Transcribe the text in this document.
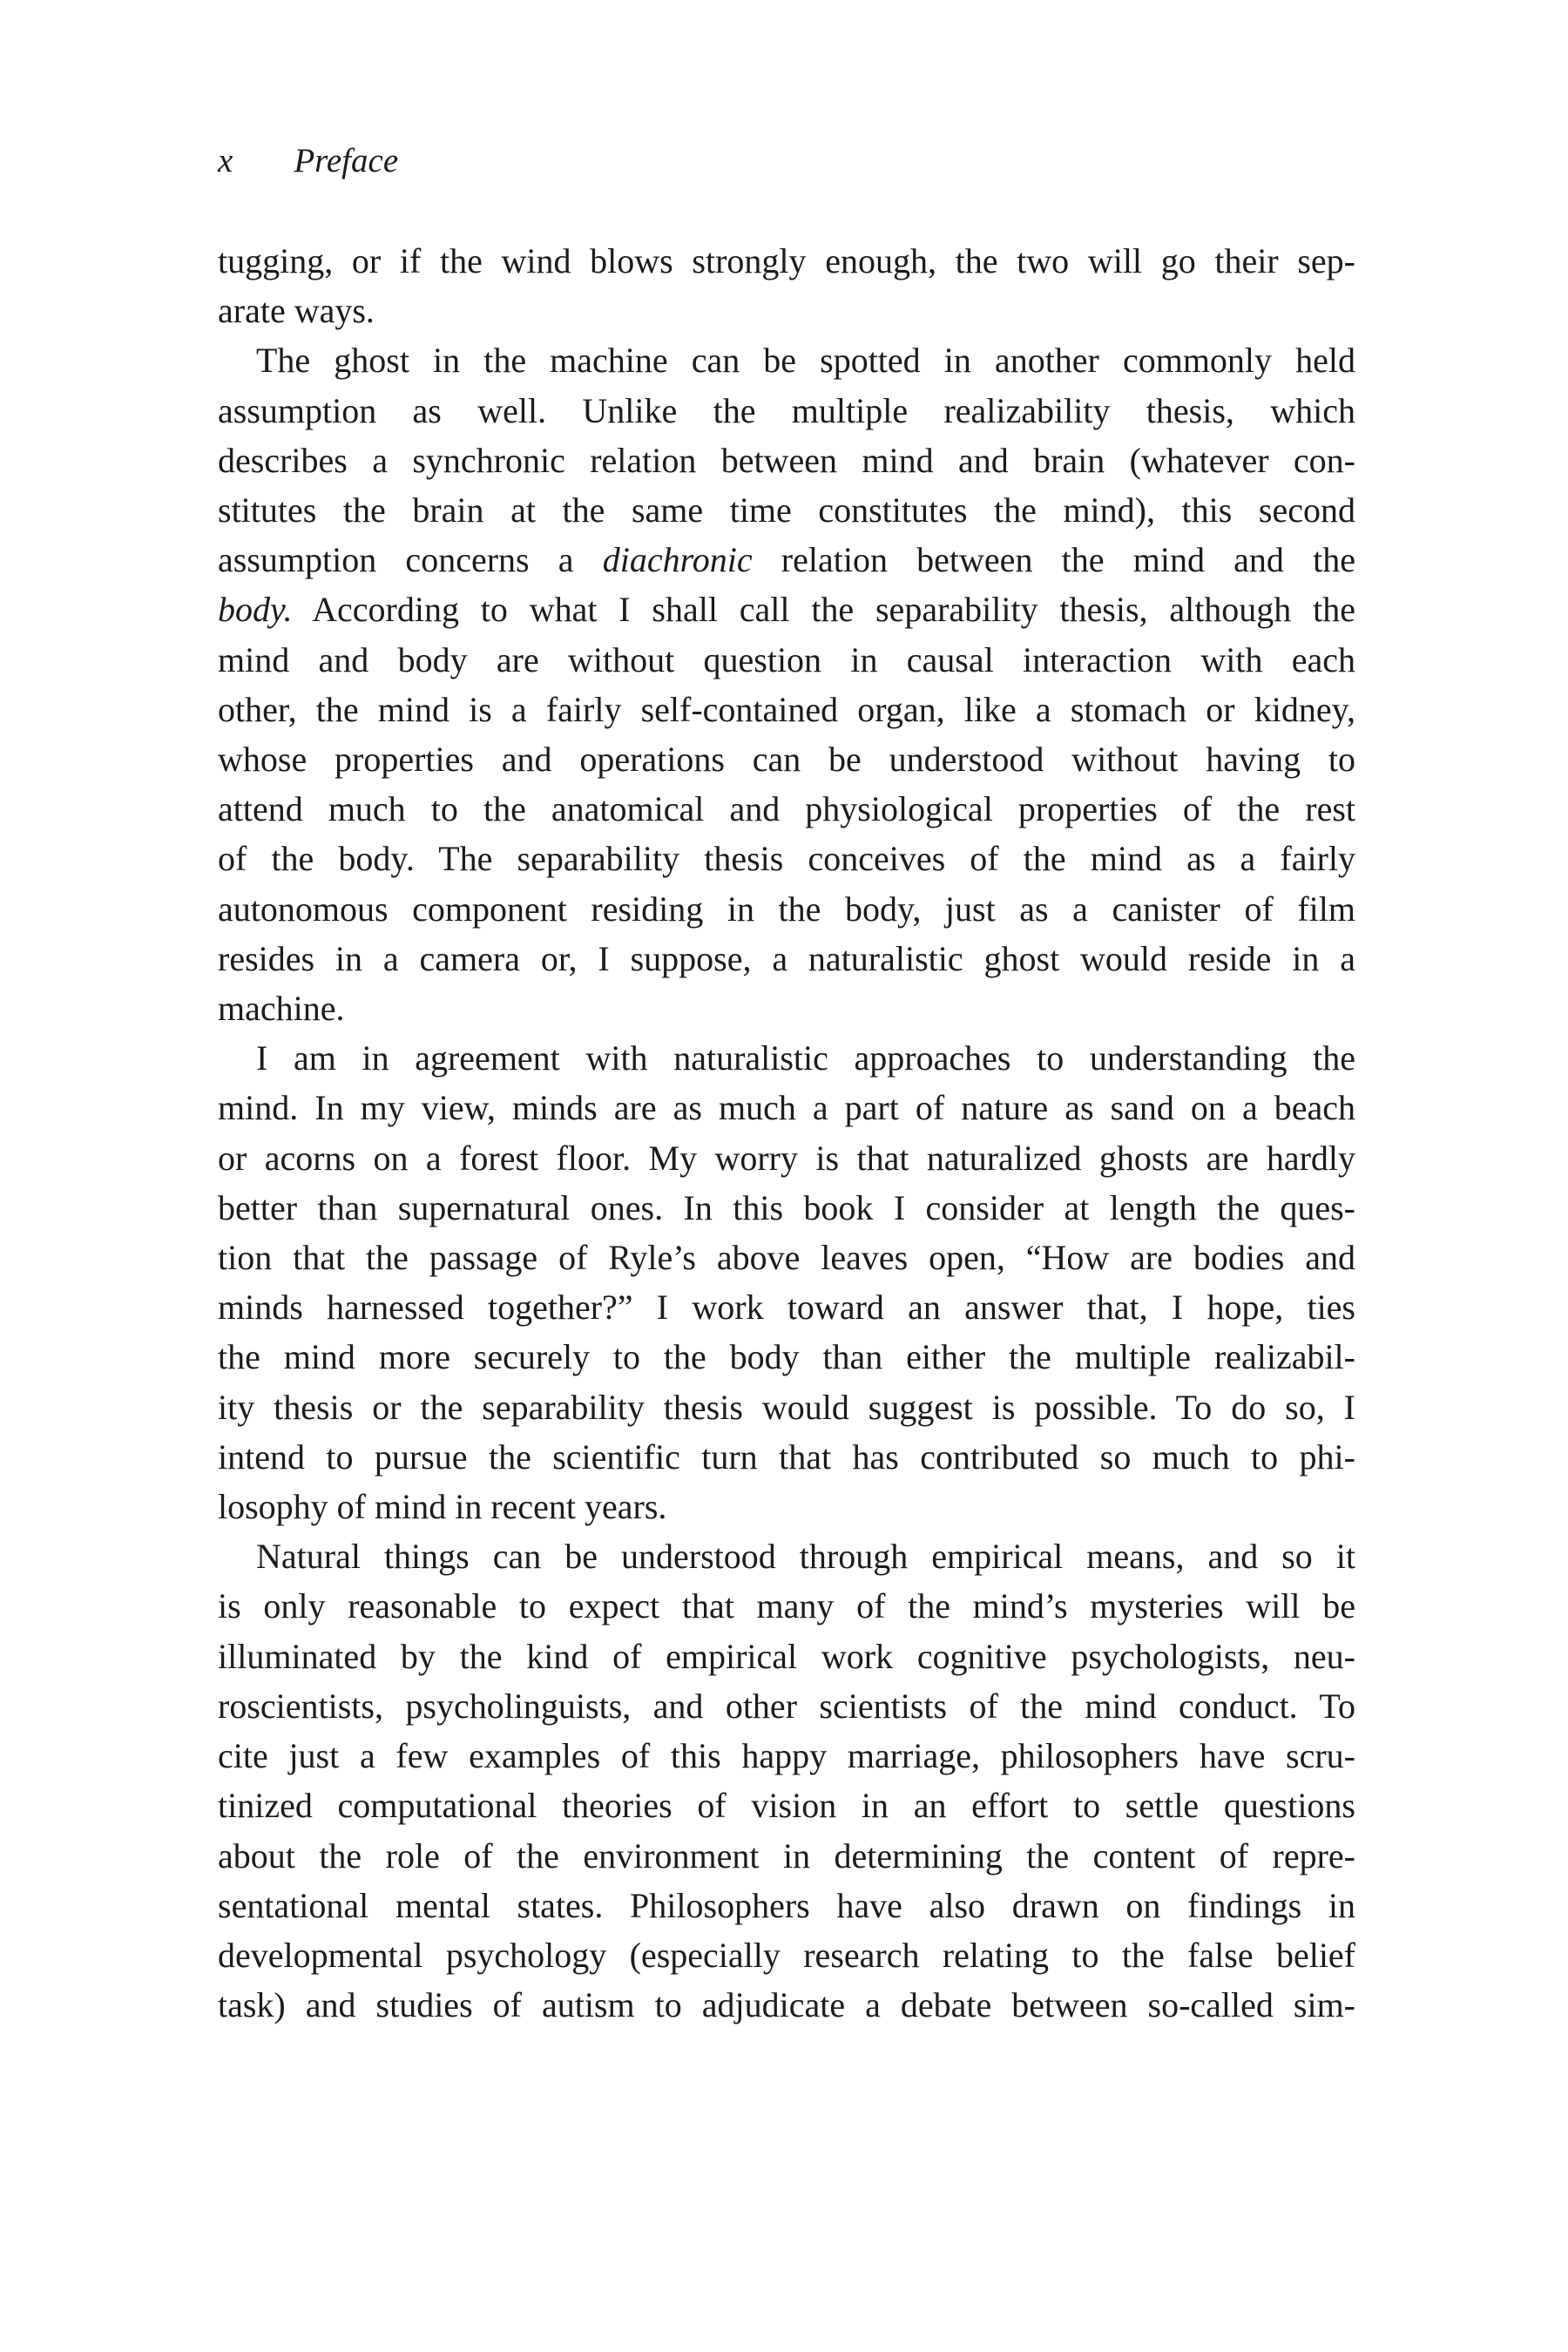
x Preface
tugging, or if the wind blows strongly enough, the two will go their sep-
arate ways.
The ghost in the machine can be spotted in another commonly held
assumption as well. Unlike the multiple realizability thesis, which
describes a synchronic relation between mind and brain (whatever con-
stitutes the brain at the same time constitutes the mind), this second
assumption concerns a diachronic relation between the mind and the
body. According to what I shall call the separability thesis, although the
mind and body are without question in causal interaction with each
other, the mind is a fairly self-contained organ, like a stomach or kidney,
whose properties and operations can be understood without having to
attend much to the anatomical and physiological properties of the rest
of the body. The separability thesis conceives of the mind as a fairly
autonomous component residing in the body, just as a canister of film
resides in a camera or, I suppose, a naturalistic ghost would reside in a
machine.
I am in agreement with naturalistic approaches to understanding the
mind. In my view, minds are as much a part of nature as sand on a beach
or acorns on a forest floor. My worry is that naturalized ghosts are hardly
better than supernatural ones. In this book I consider at length the ques-
tion that the passage of Ryle’s above leaves open, “How are bodies and
minds harnessed together?” I work toward an answer that, I hope, ties
the mind more securely to the body than either the multiple realizabil-
ity thesis or the separability thesis would suggest is possible. To do so, I
intend to pursue the scientific turn that has contributed so much to phi-
losophy of mind in recent years.
Natural things can be understood through empirical means, and so it
is only reasonable to expect that many of the mind’s mysteries will be
illuminated by the kind of empirical work cognitive psychologists, neu-
roscientists, psycholinguists, and other scientists of the mind conduct. To
cite just a few examples of this happy marriage, philosophers have scru-
tinized computational theories of vision in an effort to settle questions
about the role of the environment in determining the content of repre-
sentational mental states. Philosophers have also drawn on findings in
developmental psychology (especially research relating to the false belief
task) and studies of autism to adjudicate a debate between so-called sim-
